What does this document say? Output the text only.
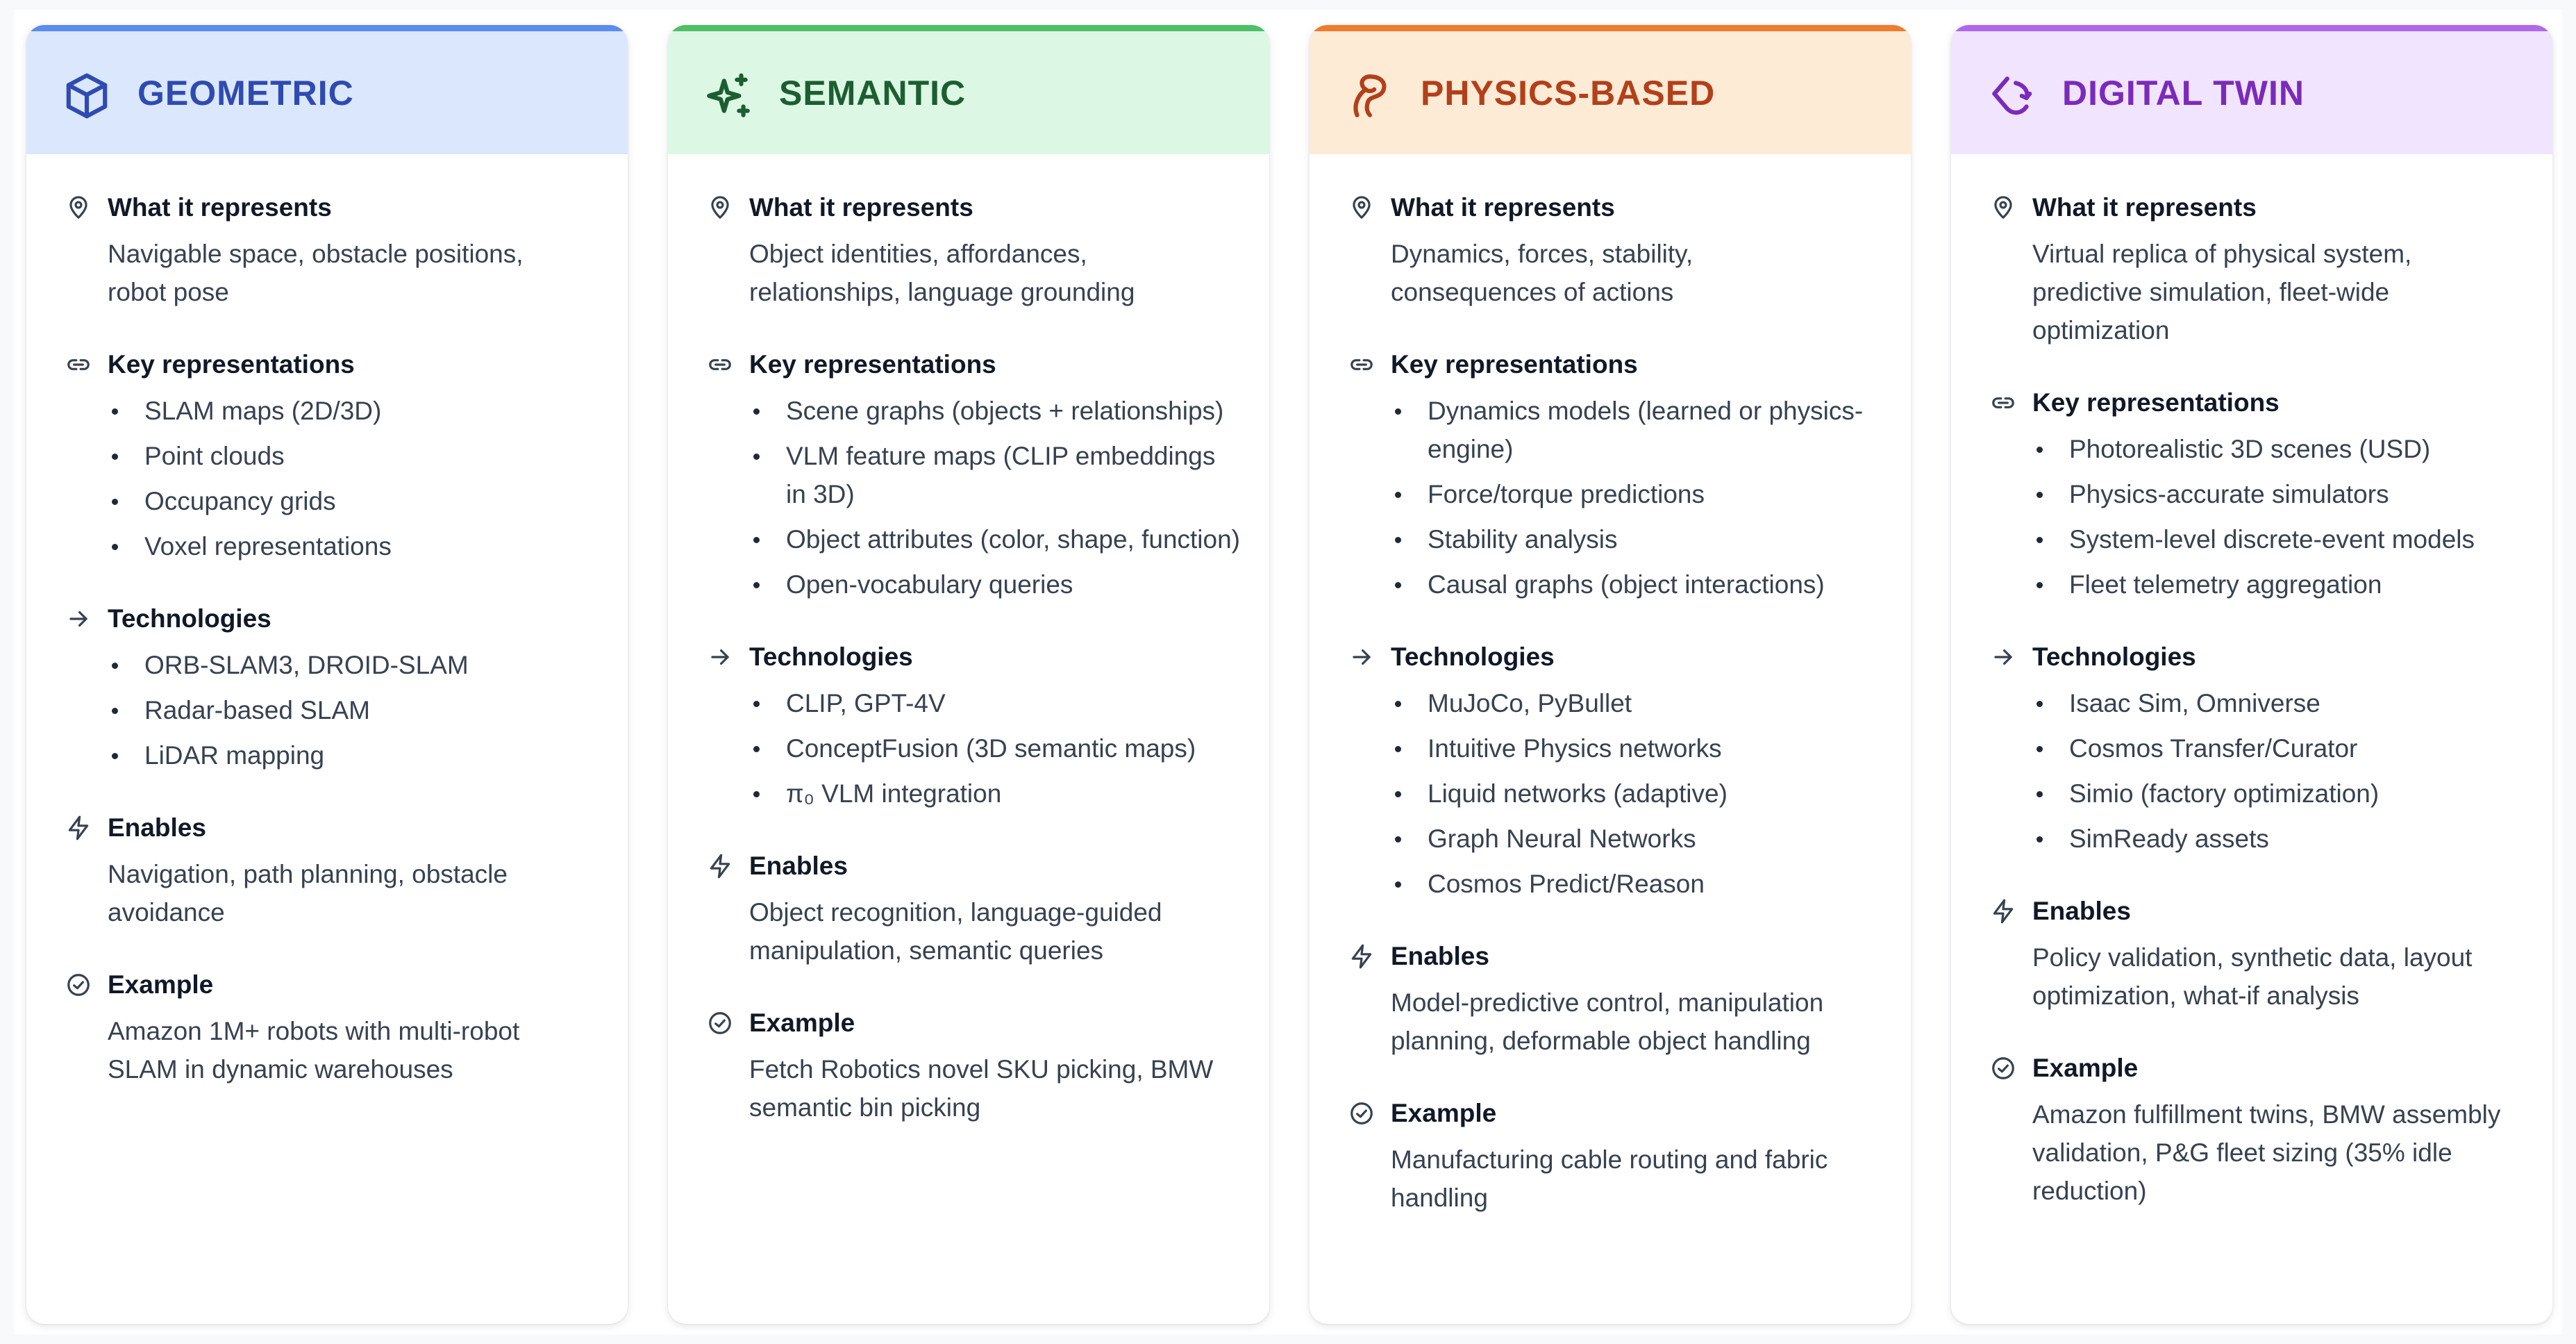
GEOMETRIC
What it represents
Navigable space, obstacle positions, robot pose
Key representations
SLAM maps (2D/3D)
Point clouds
Occupancy grids
Voxel representations
Technologies
ORB-SLAM3, DROID-SLAM
Radar-based SLAM
LiDAR mapping
Enables
Navigation, path planning, obstacle avoidance
Example
Amazon 1M+ robots with multi-robot SLAM in dynamic warehouses
SEMANTIC
What it represents
Object identities, affordances, relationships, language grounding
Key representations
Scene graphs (objects + relationships)
VLM feature maps (CLIP embeddings in 3D)
Object attributes (color, shape, function)
Open-vocabulary queries
Technologies
CLIP, GPT-4V
ConceptFusion (3D semantic maps)
π₀ VLM integration
Enables
Object recognition, language-guided manipulation, semantic queries
Example
Fetch Robotics novel SKU picking, BMW semantic bin picking
PHYSICS-BASED
What it represents
Dynamics, forces, stability, consequences of actions
Key representations
Dynamics models (learned or physics-engine)
Force/torque predictions
Stability analysis
Causal graphs (object interactions)
Technologies
MuJoCo, PyBullet
Intuitive Physics networks
Liquid networks (adaptive)
Graph Neural Networks
Cosmos Predict/Reason
Enables
Model-predictive control, manipulation planning, deformable object handling
Example
Manufacturing cable routing and fabric handling
DIGITAL TWIN
What it represents
Virtual replica of physical system, predictive simulation, fleet-wide optimization
Key representations
Photorealistic 3D scenes (USD)
Physics-accurate simulators
System-level discrete-event models
Fleet telemetry aggregation
Technologies
Isaac Sim, Omniverse
Cosmos Transfer/Curator
Simio (factory optimization)
SimReady assets
Enables
Policy validation, synthetic data, layout optimization, what-if analysis
Example
Amazon fulfillment twins, BMW assembly validation, P&G fleet sizing (35% idle reduction)
